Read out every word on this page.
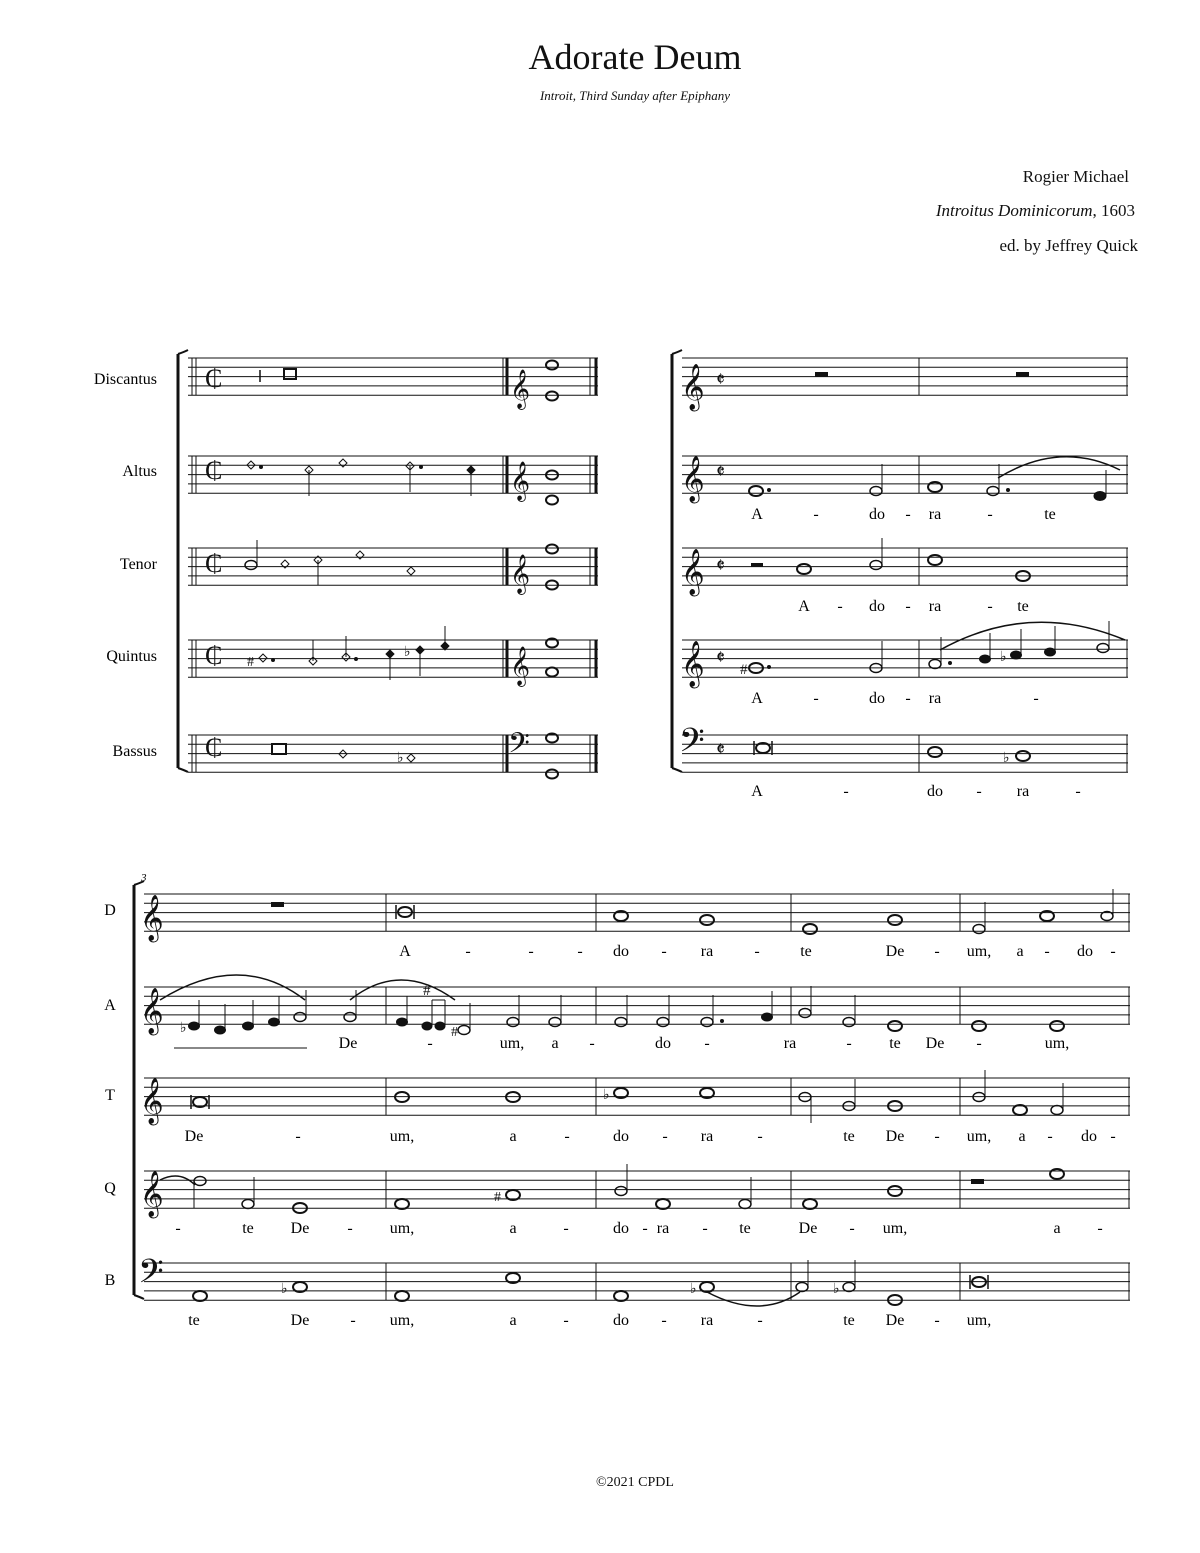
Adorate Deum
Introit, Third Sunday after Epiphany
Rogier Michael
Introitus Dominicorum, 1603
ed. by Jeffrey Quick
©2021 CPDL
Discantus
Altus
Tenor
Quintus
Bassus
D
A
T
Q
B
3
A	-	do - ra	-	te
A - do - ra	- te
A	-	do - ra	-
A	-	do - ra	-
A	-	-	- do - ra	-	te	De - um, a - do -
De	-	um, a -	do -	ra	- te De -	um,
De	-	um,	a	-	do - ra	-	te De - um, a - do -
-	te De - um,	a	-	do - ra - te	De - um,	a -
te	De	- um,	a	-	do - ra	-	te De - um,
₵
₵
₵
₵ #
♭
₵	♭
𝄞
𝄞
𝄞
𝄞
𝄢
𝄞 𝄵
𝄞 𝄵
𝄞 𝄵
𝄞 𝄵
#
♭
𝄢 𝄵	♭
𝄞
𝄞 ♭
#
#
𝄞	♭
𝄞	#
𝄢	♭	♭	♭
